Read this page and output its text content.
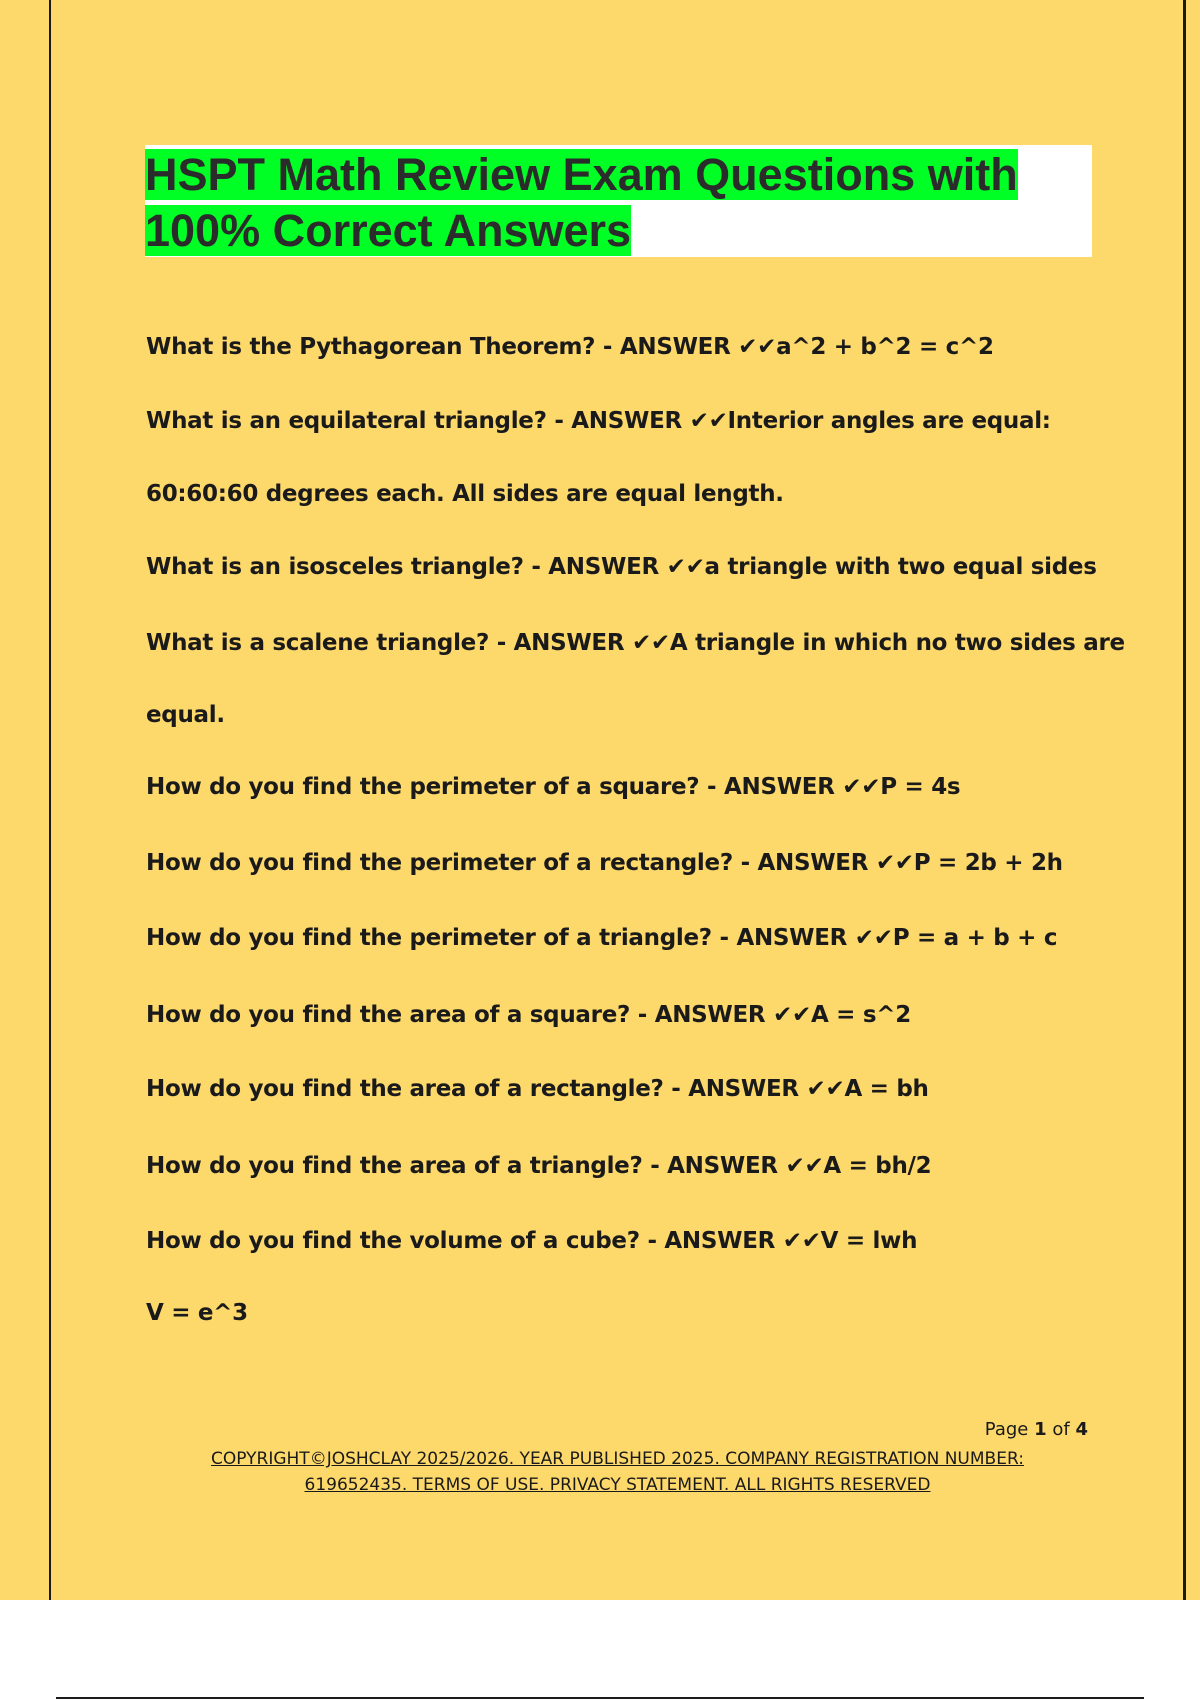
HSPT Math Review Exam Questions with
100% Correct Answers

What is the Pythagorean Theorem? - ANSWER ✔✔a^2 + b^2 = c^2

What is an equilateral triangle? - ANSWER ✔✔Interior angles are equal:

60:60:60 degrees each. All sides are equal length.

What is an isosceles triangle? - ANSWER ✔✔a triangle with two equal sides

What is a scalene triangle? - ANSWER ✔✔A triangle in which no two sides are

equal.

How do you find the perimeter of a square? - ANSWER ✔✔P = 4s

How do you find the perimeter of a rectangle? - ANSWER ✔✔P = 2b + 2h

How do you find the perimeter of a triangle? - ANSWER ✔✔P = a + b + c

How do you find the area of a square? - ANSWER ✔✔A = s^2

How do you find the area of a rectangle? - ANSWER ✔✔A = bh

How do you find the area of a triangle? - ANSWER ✔✔A = bh/2

How do you find the volume of a cube? - ANSWER ✔✔V = lwh

V = e^3

Page 1 of 4

COPYRIGHT©JOSHCLAY 2025/2026. YEAR PUBLISHED 2025. COMPANY REGISTRATION NUMBER:

619652435. TERMS OF USE. PRIVACY STATEMENT. ALL RIGHTS RESERVED
